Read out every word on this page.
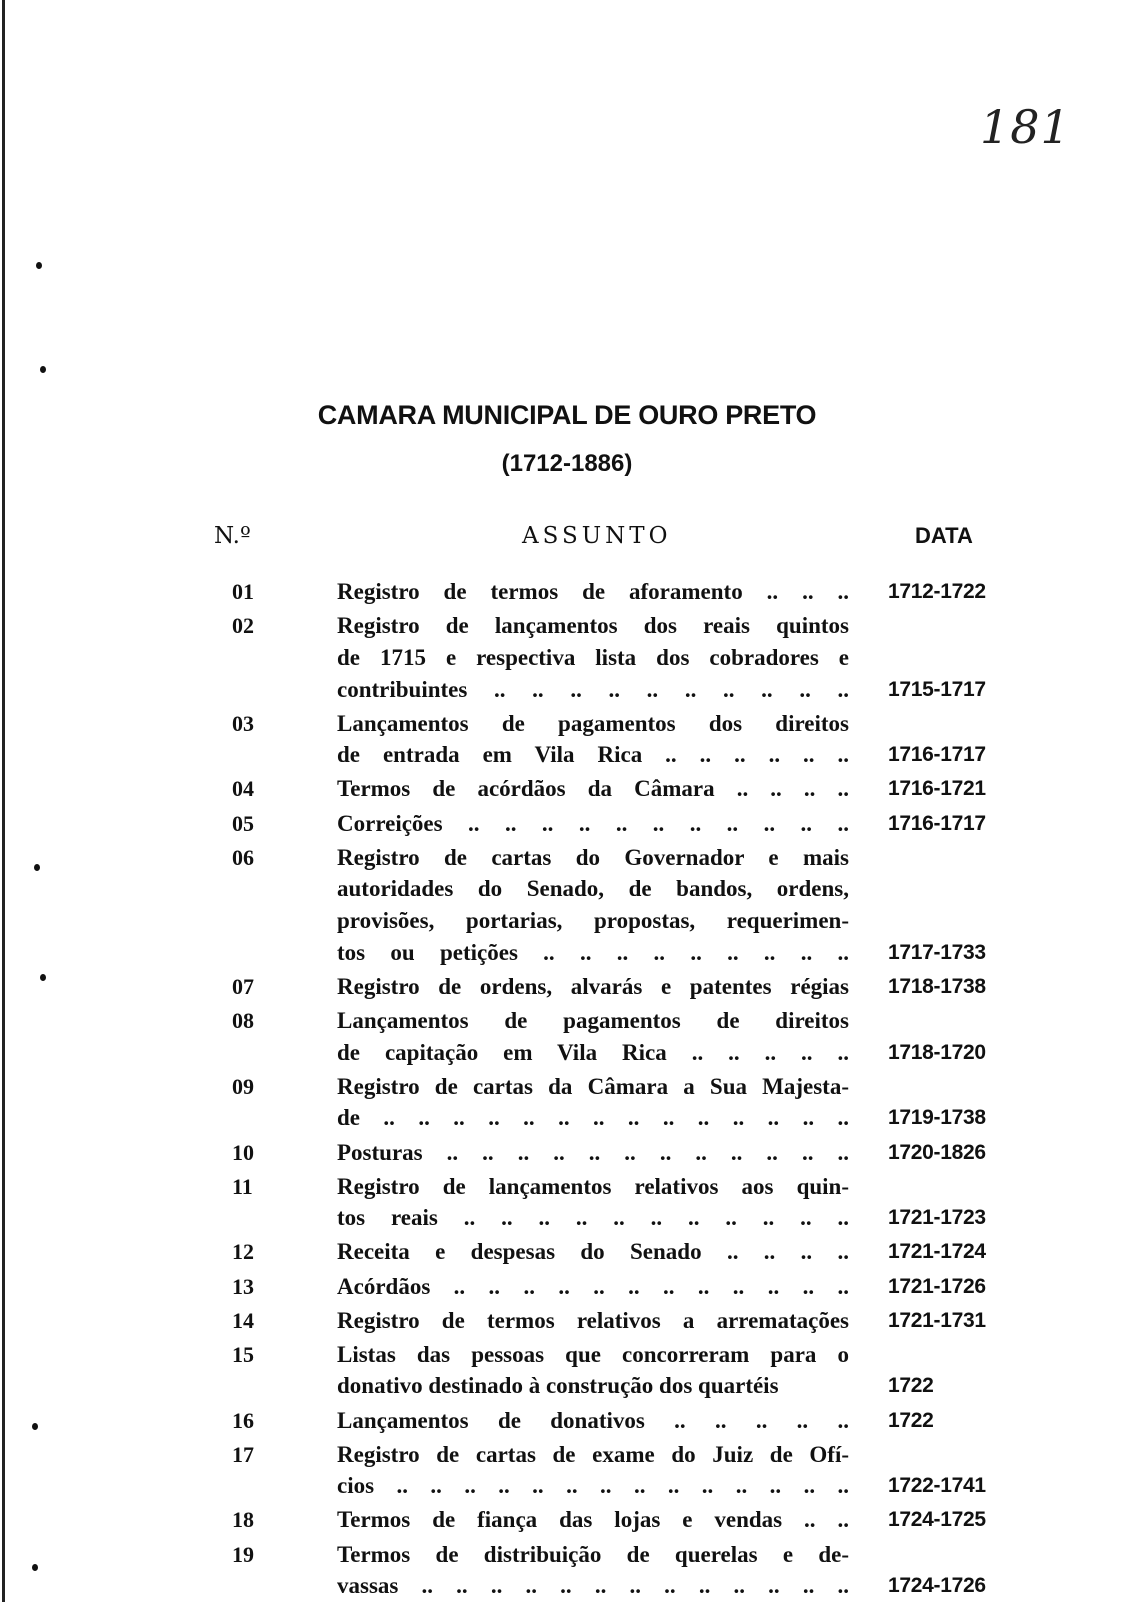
181
CAMARA MUNICIPAL DE OURO PRETO
(1712-1886)
N.º	ASSUNTO	DATA
01	Registro de termos de aforamento .. .. .. 1712-1722
02	Registro de lançamentos dos reais quintos
de 1715 e respectiva lista dos cobradores e
contribuintes .. .. .. .. .. .. .. .. .. .. 1715-1717
03	Lançamentos de pagamentos dos direitos
de entrada em Vila Rica .. .. .. .. .. .. 1716-1717
04	Termos de acórdãos da Câmara .. .. .. .. 1716-1721
05	Correições .. .. .. .. .. .. .. .. .. .. .. 1716-1717
06	Registro de cartas do Governador e mais
autoridades do Senado, de bandos, ordens,
provisões, portarias, propostas, requerimen-
tos ou petições .. .. .. .. .. .. .. .. .. 1717-1733
07	Registro de ordens, alvarás e patentes régias 1718-1738
08	Lançamentos de pagamentos de direitos
de capitação em Vila Rica .. .. .. .. .. 1718-1720
09	Registro de cartas da Câmara a Sua Majesta-
de .. .. .. .. .. .. .. .. .. .. .. .. .. .. 1719-1738
10	Posturas .. .. .. .. .. .. .. .. .. .. .. .. 1720-1826
11	Registro de lançamentos relativos aos quin-
tos reais .. .. .. .. .. .. .. .. .. .. .. 1721-1723
12	Receita e despesas do Senado .. .. .. .. 1721-1724
13	Acórdãos .. .. .. .. .. .. .. .. .. .. .. .. 1721-1726
14	Registro de termos relativos a arrematações 1721-1731
15	Listas das pessoas que concorreram para o
donativo destinado à construção dos quartéis	1722
16	Lançamentos de donativos .. .. .. .. .. 1722
17	Registro de cartas de exame do Juiz de Ofí-
cios .. .. .. .. .. .. .. .. .. .. .. .. .. .. 1722-1741
18	Termos de fiança das lojas e vendas .. .. 1724-1725
19	Termos de distribuição de querelas e de-
vassas .. .. .. .. .. .. .. .. .. .. .. .. .. 1724-1726
